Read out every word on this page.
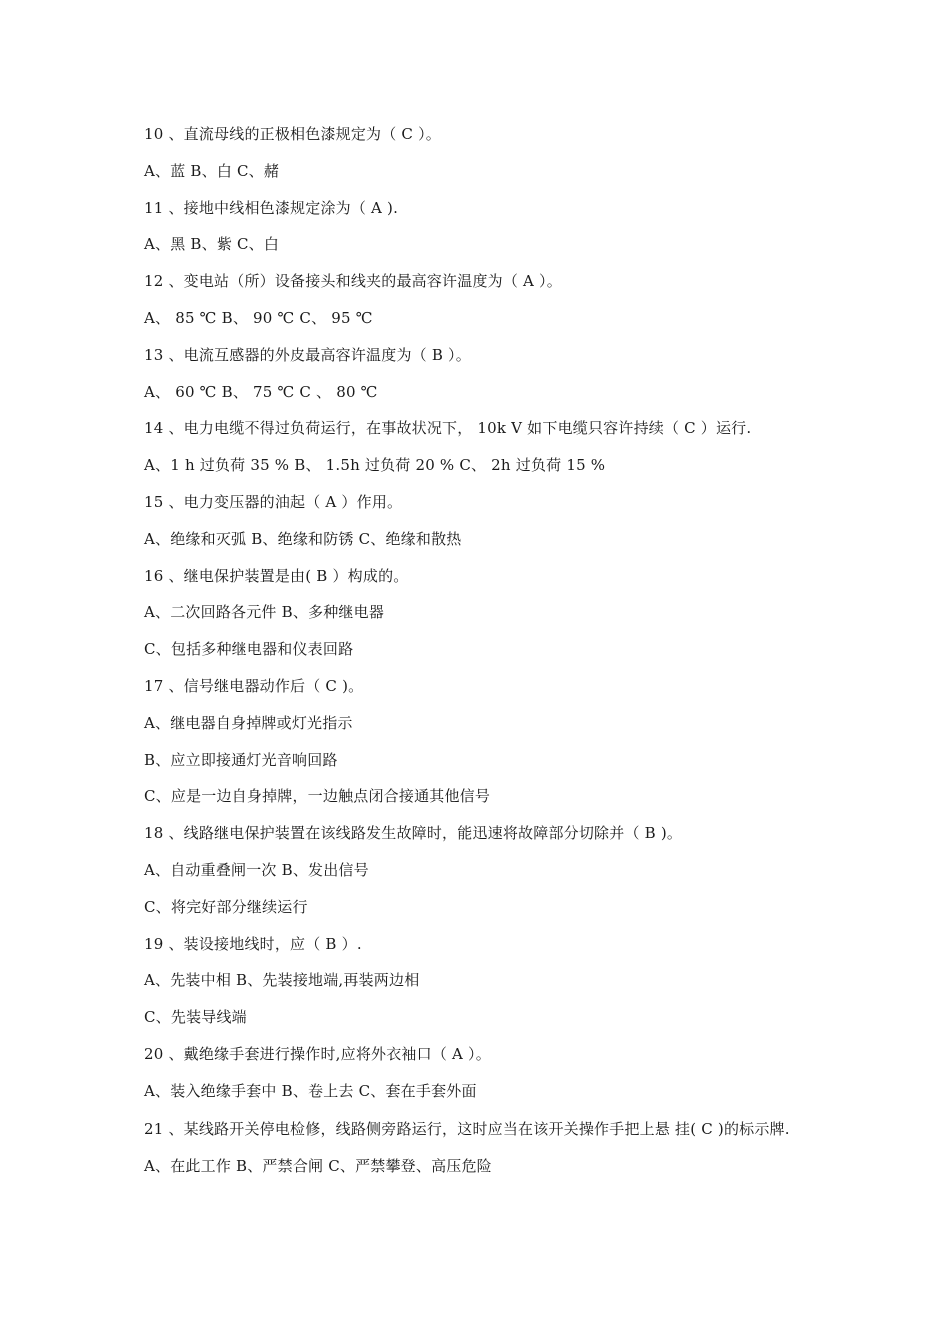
10 、直流母线的正极相色漆规定为（ C ）。
A、蓝 B、白 C、赭
11 、接地中线相色漆规定涂为（ A ).
A、黑 B、紫 C、白
12 、变电站（所）设备接头和线夹的最高容许温度为（ A ）。
A、 85 ℃ B、 90 ℃ C、 95 ℃
13 、电流互感器的外皮最高容许温度为（ B ）。
A、 60 ℃ B、 75 ℃ C 、 80 ℃
14 、电力电缆不得过负荷运行，在事故状况下， 10k V 如下电缆只容许持续（ C ）运行.
A、1 h 过负荷 35 % B、 1.5h 过负荷 20 % C、 2h 过负荷 15 %
15 、电力变压器的油起（ A ）作用。
A、绝缘和灭弧 B、绝缘和防锈 C、绝缘和散热
16 、继电保护装置是由( B ）构成的。
A、二次回路各元件 B、多种继电器
C、包括多种继电器和仪表回路
17 、信号继电器动作后（ C )。
A、继电器自身掉牌或灯光指示
B、应立即接通灯光音响回路
C、应是一边自身掉牌，一边触点闭合接通其他信号
18 、线路继电保护装置在该线路发生故障时，能迅速将故障部分切除并（ B )。
A、自动重叠闸一次 B、发出信号
C、将完好部分继续运行
19 、装设接地线时，应（ B ）.
A、先装中相 B、先装接地端,再装两边相
C、先装导线端
20 、戴绝缘手套进行操作时,应将外衣袖口（ A ）。
A、装入绝缘手套中 B、卷上去 C、套在手套外面
21 、某线路开关停电检修，线路侧旁路运行，这时应当在该开关操作手把上悬 挂( C )的标示牌.
A、在此工作 B、严禁合闸 C、严禁攀登、高压危险
